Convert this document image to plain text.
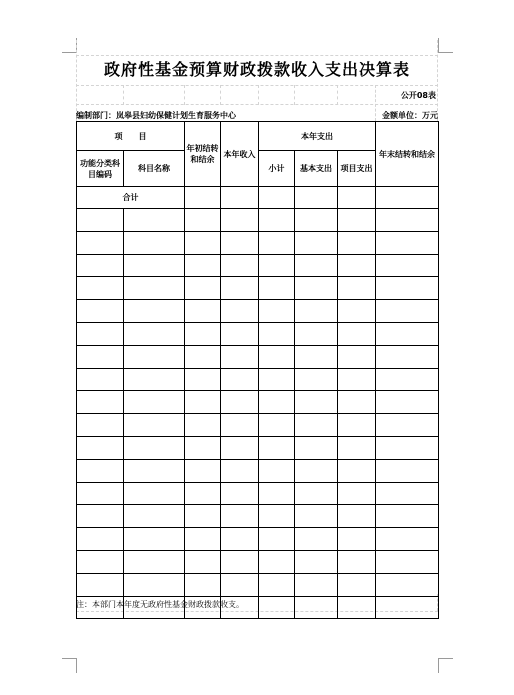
政府性基金预算财政拨款收入支出决算表
公开08表
编制部门：岚皋县妇幼保健计划生育服务中心	金额单位：万元
项　　目		年初结转和结余	本年收入	本年支出			年末结转和结余
功能分类科目编码	科目名称			小计	基本支出	项目支出	
合计							

注：本部门本年度无政府性基金财政拨款收支。
